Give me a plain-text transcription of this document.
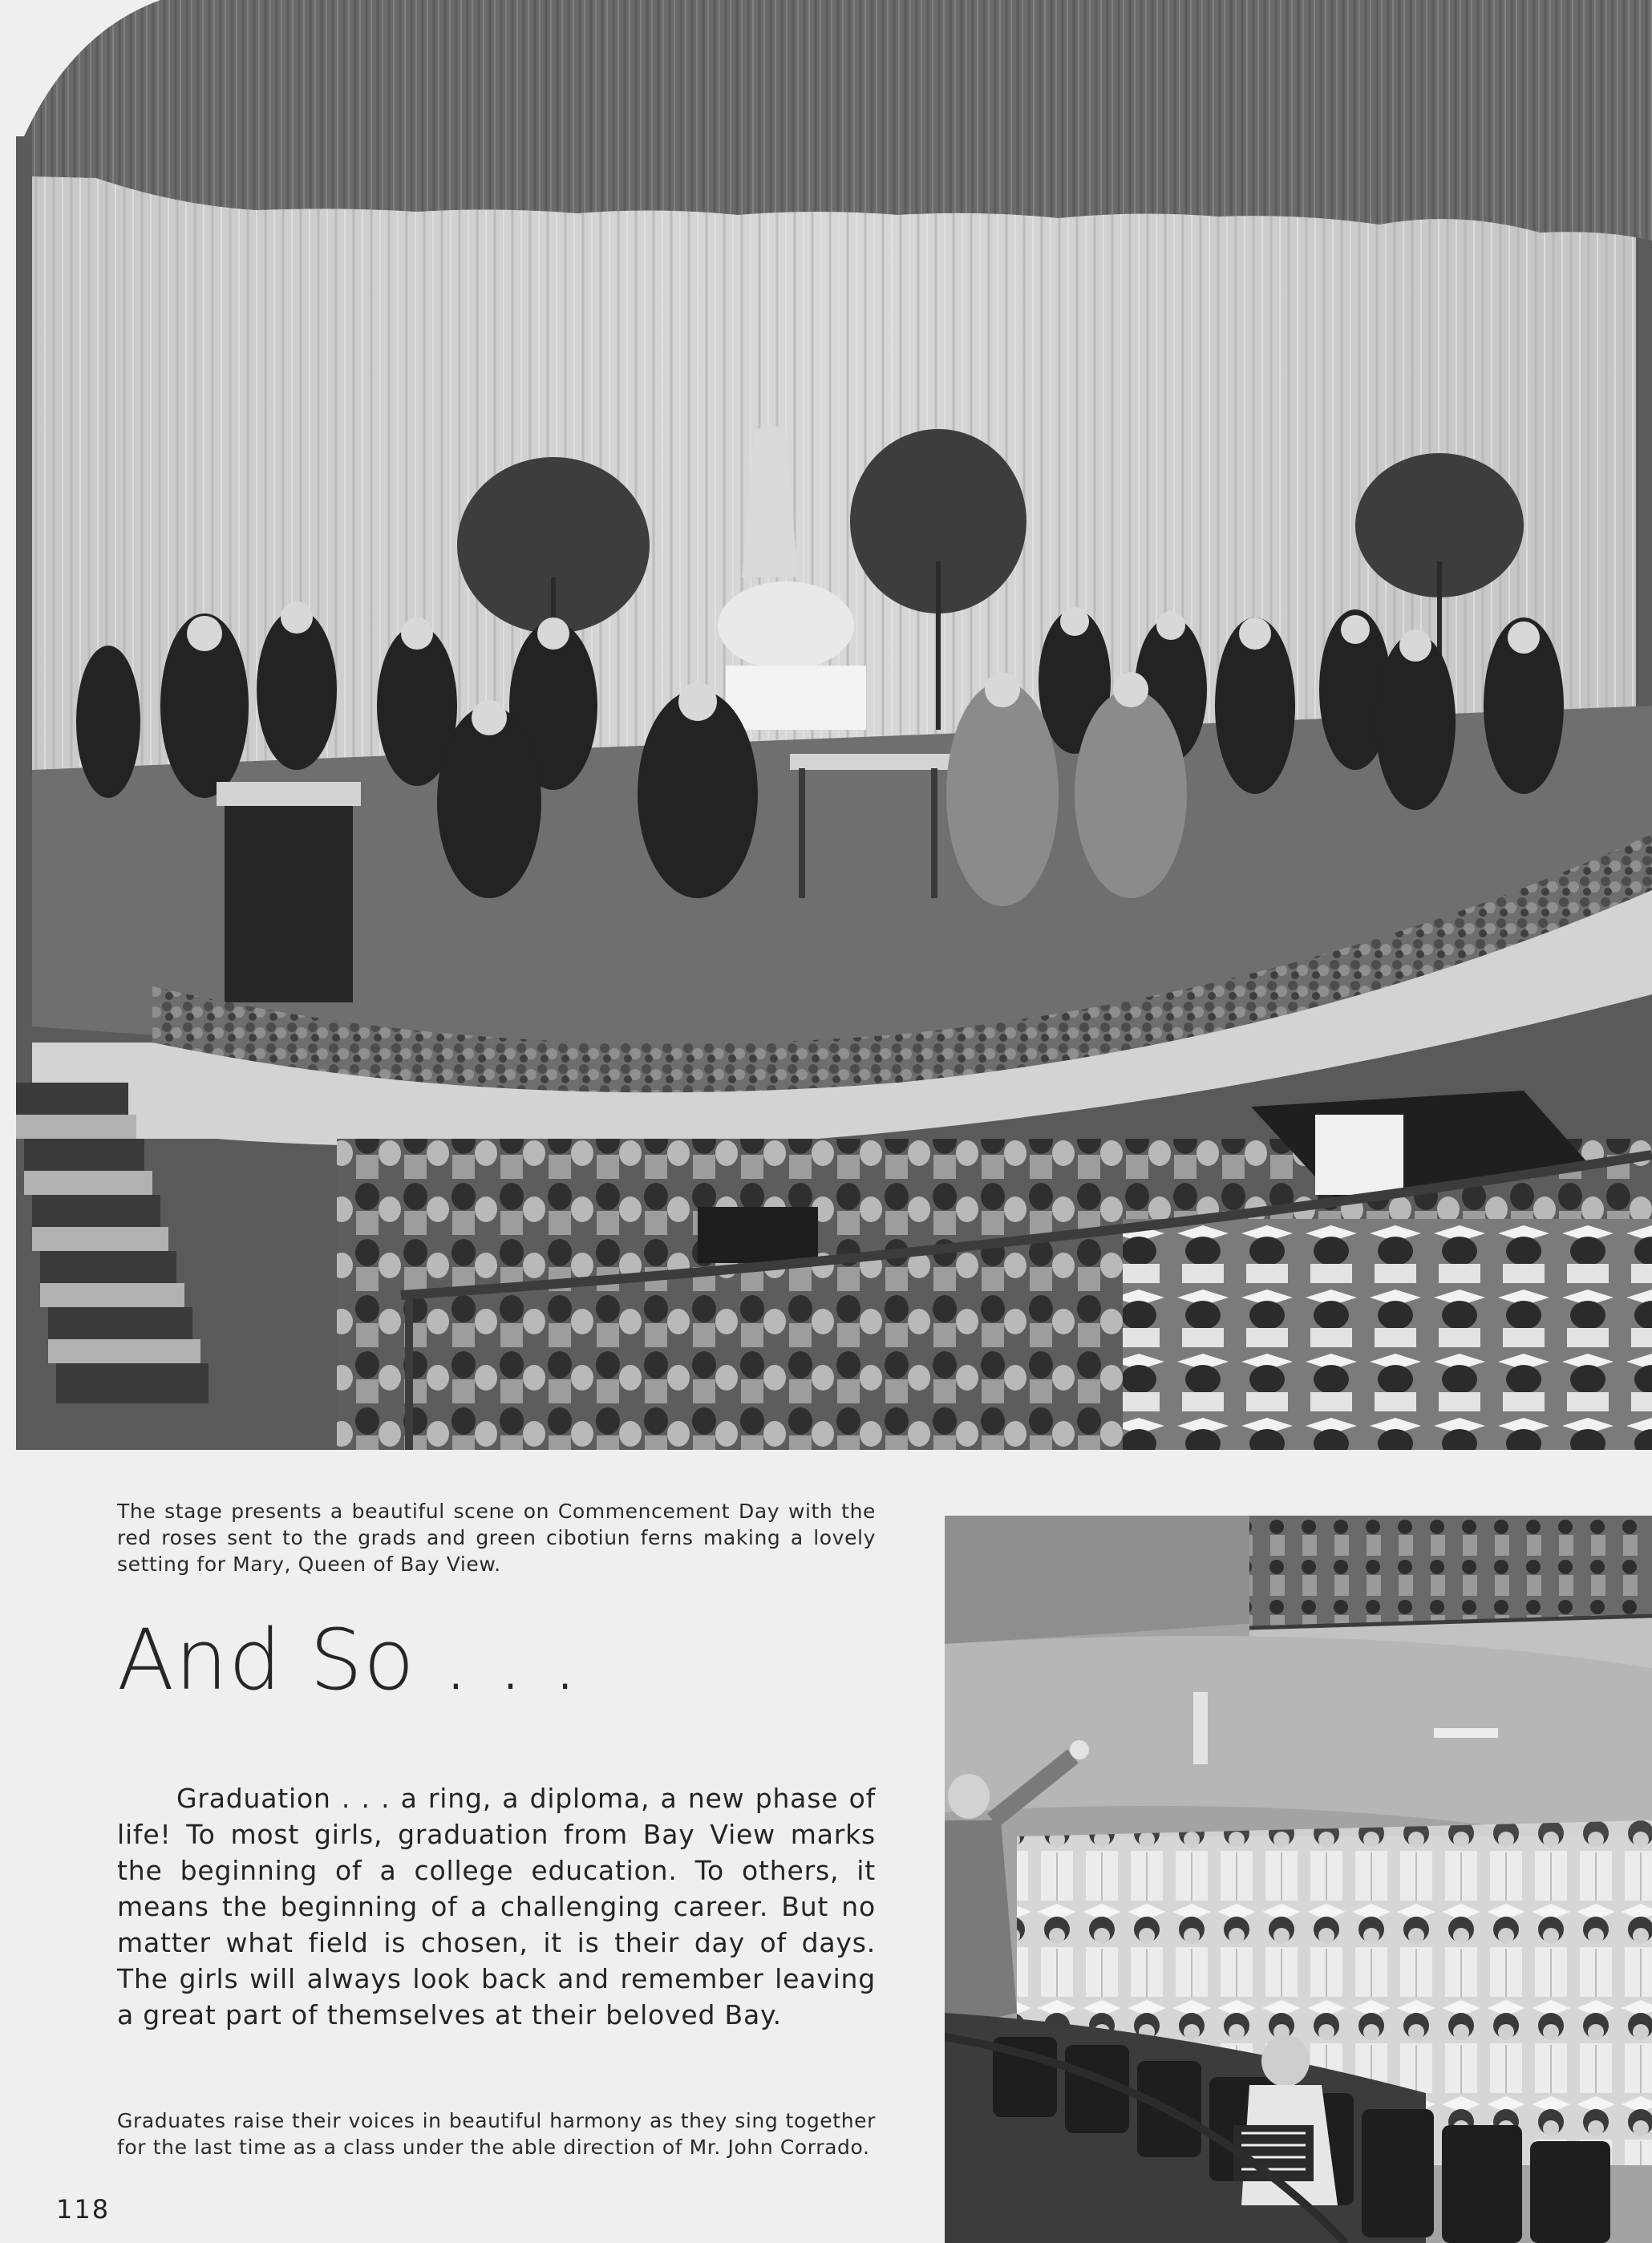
The stage presents a beautiful scene on Commencement Day with the red roses sent to the grads and green cibotiun ferns making a lovely setting for Mary, Queen of Bay View.

And So . . .

Graduation . . . a ring, a diploma, a new phase of life! To most girls, graduation from Bay View marks the beginning of a college education. To others, it means the beginning of a challenging career. But no matter what field is chosen, it is their day of days. The girls will always look back and remember leaving a great part of themselves at their beloved Bay.

Graduates raise their voices in beautiful harmony as they sing together for the last time as a class under the able direction of Mr. John Corrado.

118
